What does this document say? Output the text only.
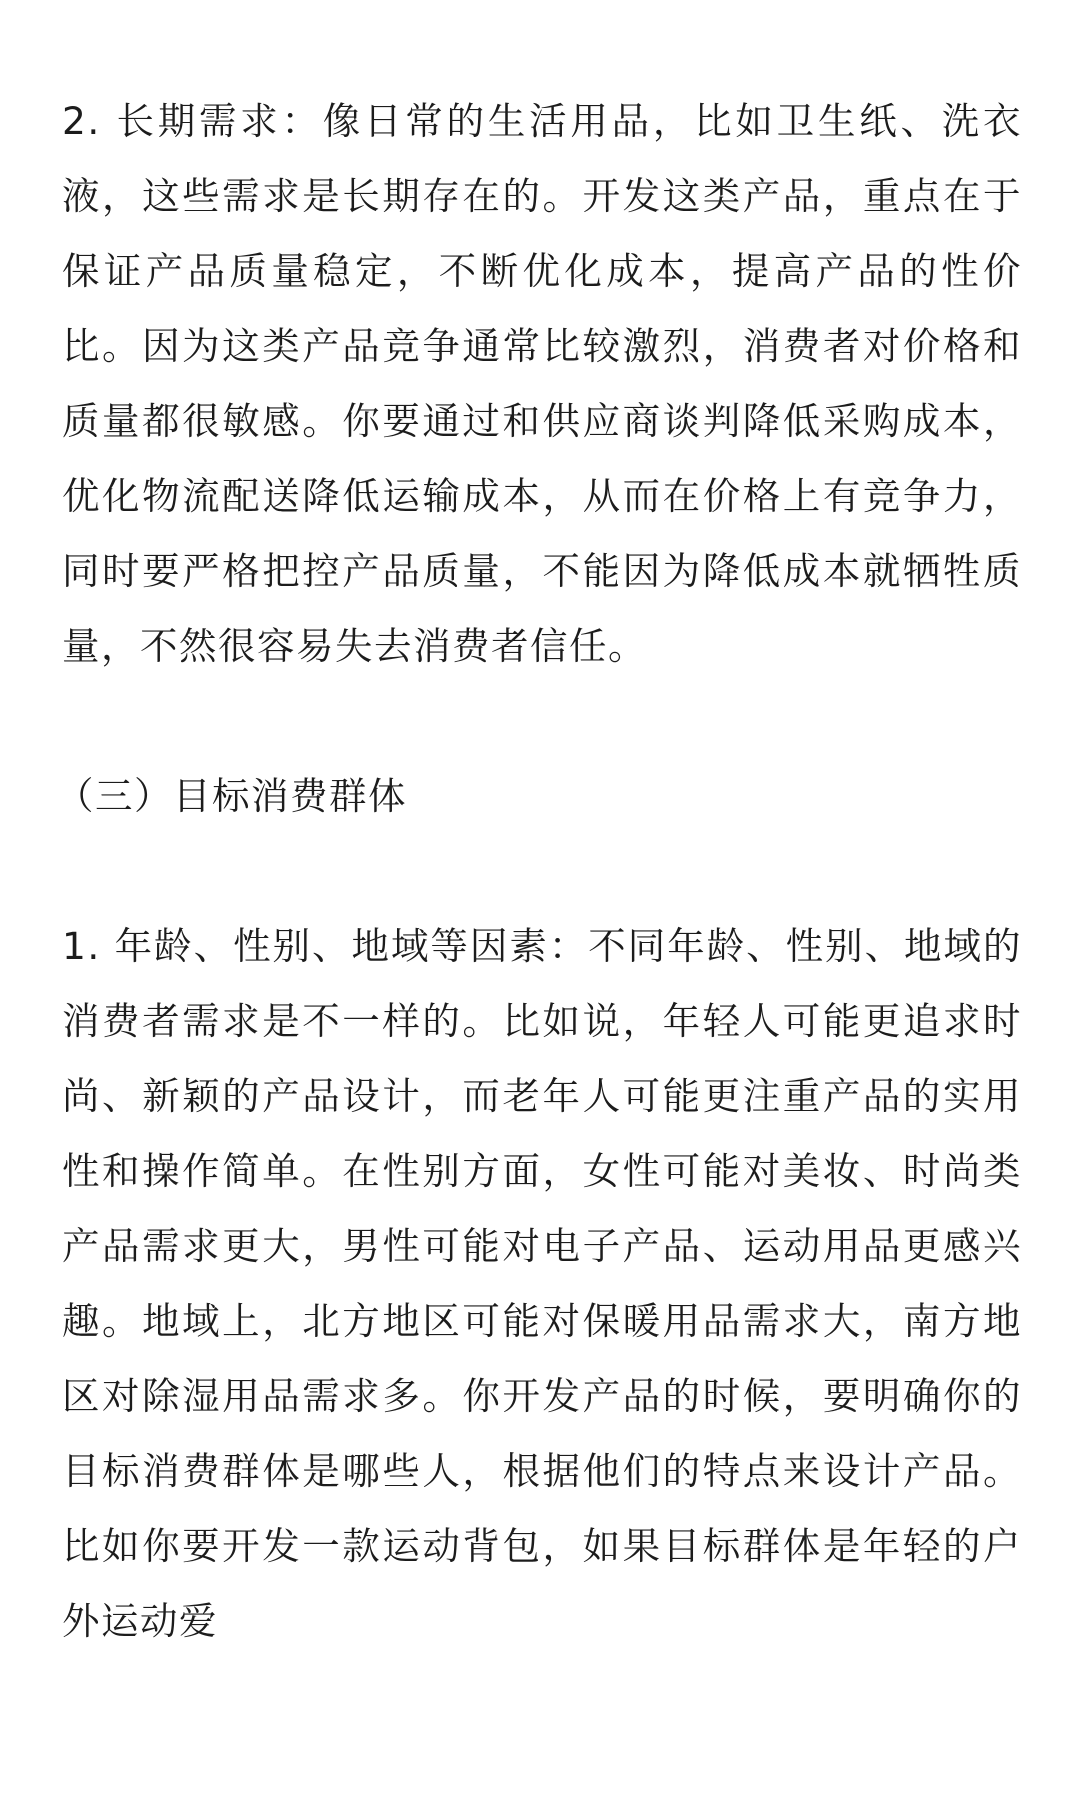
2. 长期需求：像日常的生活用品，比如卫生纸、洗衣液，这些需求是长期存在的。开发这类产品，重点在于保证产品质量稳定，不断优化成本，提高产品的性价比。因为这类产品竞争通常比较激烈，消费者对价格和质量都很敏感。你要通过和供应商谈判降低采购成本，优化物流配送降低运输成本，从而在价格上有竞争力，同时要严格把控产品质量，不能因为降低成本就牺牲质量，不然很容易失去消费者信任。

（三）目标消费群体

1. 年龄、性别、地域等因素：不同年龄、性别、地域的消费者需求是不一样的。比如说，年轻人可能更追求时尚、新颖的产品设计，而老年人可能更注重产品的实用性和操作简单。在性别方面，女性可能对美妆、时尚类产品需求更大，男性可能对电子产品、运动用品更感兴趣。地域上，北方地区可能对保暖用品需求大，南方地区对除湿用品需求多。你开发产品的时候，要明确你的目标消费群体是哪些人，根据他们的特点来设计产品。比如你要开发一款运动背包，如果目标群体是年轻的户外运动爱
